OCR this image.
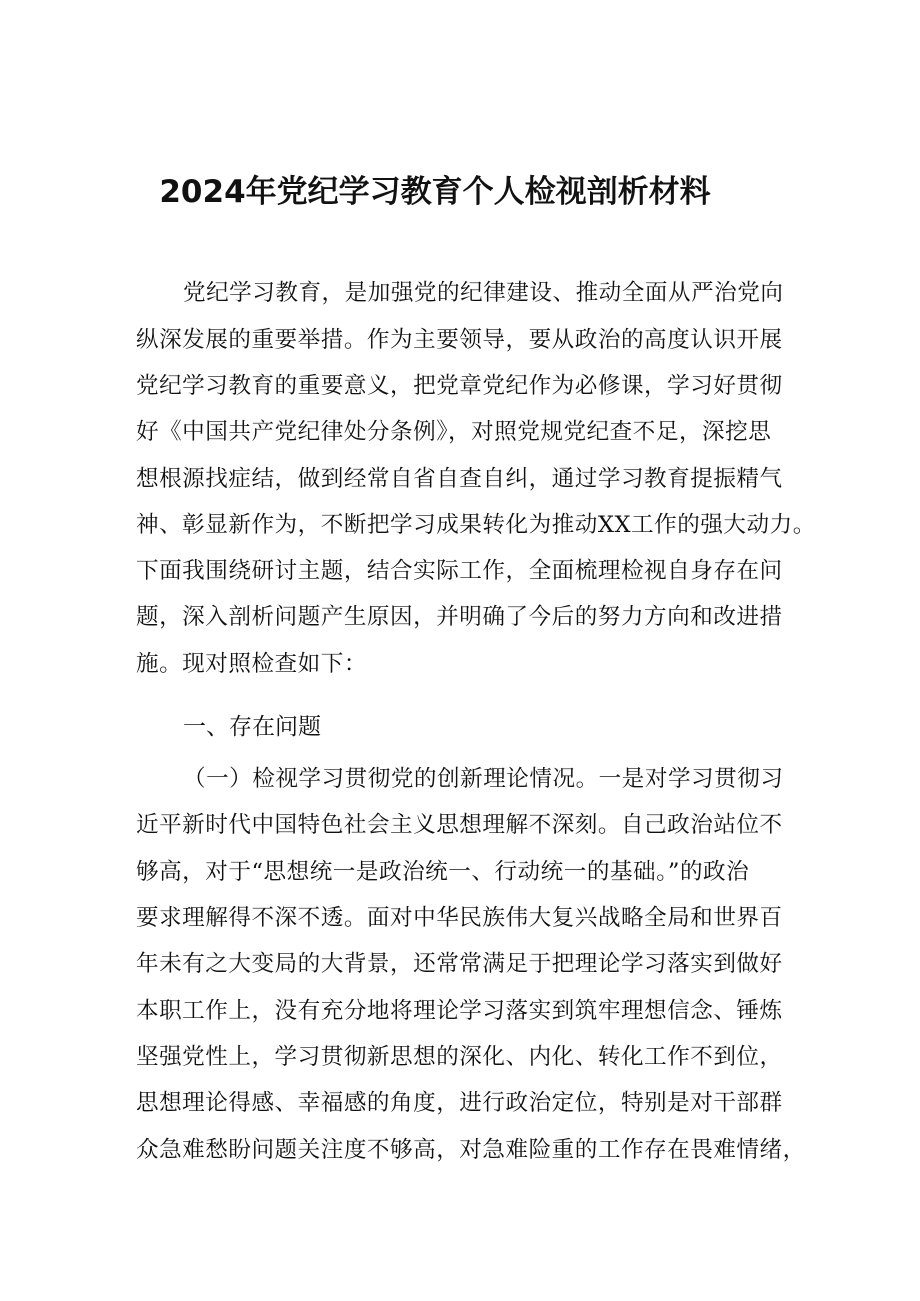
2024年党纪学习教育个人检视剖析材料
党纪学习教育，是加强党的纪律建设、推动全面从严治党向
纵深发展的重要举措。作为主要领导，要从政治的高度认识开展
党纪学习教育的重要意义，把党章党纪作为必修课，学习好贯彻
好《中国共产党纪律处分条例》，对照党规党纪查不足，深挖思
想根源找症结，做到经常自省自查自纠，通过学习教育提振精气
神、彰显新作为，不断把学习成果转化为推动XX工作的强大动力。
下面我围绕研讨主题，结合实际工作，全面梳理检视自身存在问
题，深入剖析问题产生原因，并明确了今后的努力方向和改进措
施。现对照检查如下：
一、存在问题
（一）检视学习贯彻党的创新理论情况。一是对学习贯彻习
近平新时代中国特色社会主义思想理解不深刻。自己政治站位不
够高，对于“思想统一是政治统一、行动统一的基础。”的政治
要求理解得不深不透。面对中华民族伟大复兴战略全局和世界百
年未有之大变局的大背景，还常常满足于把理论学习落实到做好
本职工作上，没有充分地将理论学习落实到筑牢理想信念、锤炼
坚强党性上，学习贯彻新思想的深化、内化、转化工作不到位，
思想理论得感、幸福感的角度，进行政治定位，特别是对干部群
众急难愁盼问题关注度不够高，对急难险重的工作存在畏难情绪，
